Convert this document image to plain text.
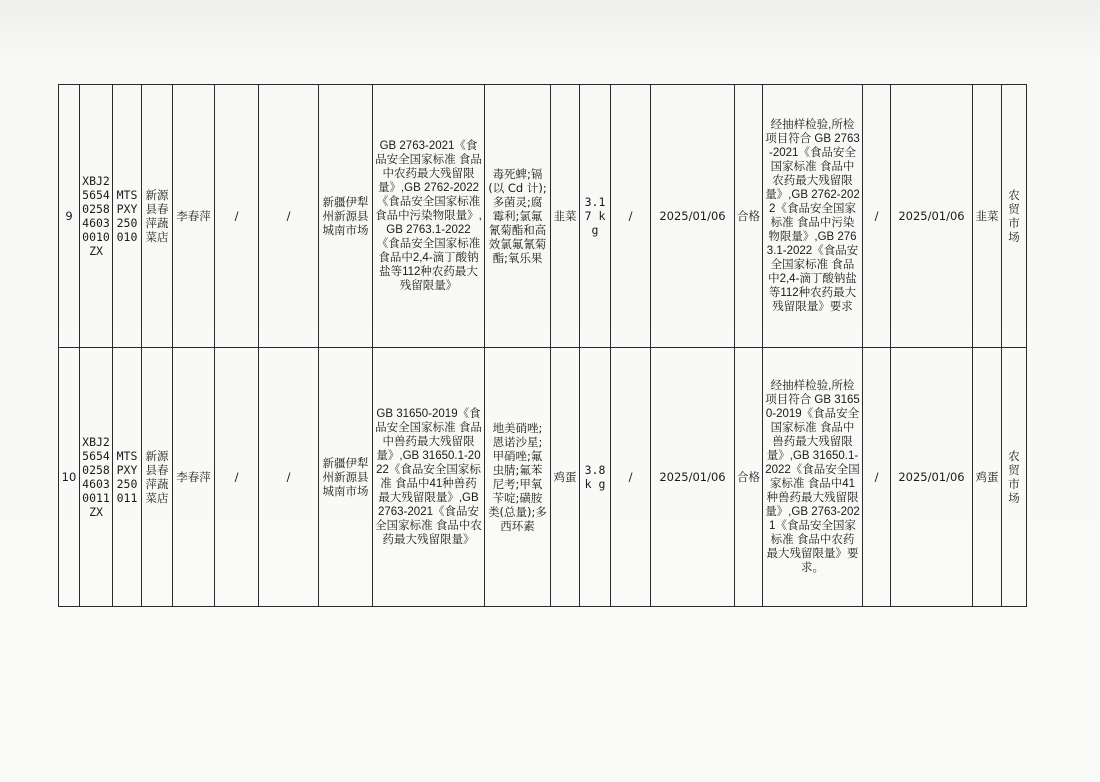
9	XBJ2 5654 0258 4603 0010 ZX	MTS PXY 250 010	新源县春萍蔬菜店	李春萍	/	/	新疆伊犁州新源县城南市场	GB 2763-2021《食品安全国家标准 食品中农药最大残留限量》,GB 2762-2022《食品安全国家标准 食品中污染物限量》,GB 2763.1-2022《食品安全国家标准 食品中2,4-滴丁酸钠盐等112种农药最大残留限量》	毒死蜱;镉(以 Cd 计);多菌灵;腐霉利;氯氟氰菊酯和高效氯氟氰菊酯;氧乐果	韭菜	3.17 kg	/	2025/01/06	合格	经抽样检验,所检项目符合 GB 2763-2021《食品安全国家标准 食品中农药最大残留限量》,GB 2762-2022《食品安全国家标准 食品中污染物限量》,GB 2763.1-2022《食品安全国家标准 食品中2,4-滴丁酸钠盐等112种农药最大残留限量》要求	/	2025/01/06	韭菜	农贸市场
10	XBJ2 5654 0258 4603 0011 ZX	MTS PXY 250 011	新源县春萍蔬菜店	李春萍	/	/	新疆伊犁州新源县城南市场	GB 31650-2019《食品安全国家标准 食品中兽药最大残留限量》,GB 31650.1-2022《食品安全国家标准 食品中41种兽药最大残留限量》,GB 2763-2021《食品安全国家标准 食品中农药最大残留限量》	地美硝唑;恩诺沙星;甲硝唑;氟虫腈;氟苯尼考;甲氧苄啶;磺胺类(总量);多西环素	鸡蛋	3.8k g	/	2025/01/06	合格	经抽样检验,所检项目符合 GB 31650-2019《食品安全国家标准 食品中兽药最大残留限量》,GB 31650.1-2022《食品安全国家标准 食品中41种兽药最大残留限量》,GB 2763-2021《食品安全国家标准 食品中农药最大残留限量》要求。	/	2025/01/06	鸡蛋	农贸市场
